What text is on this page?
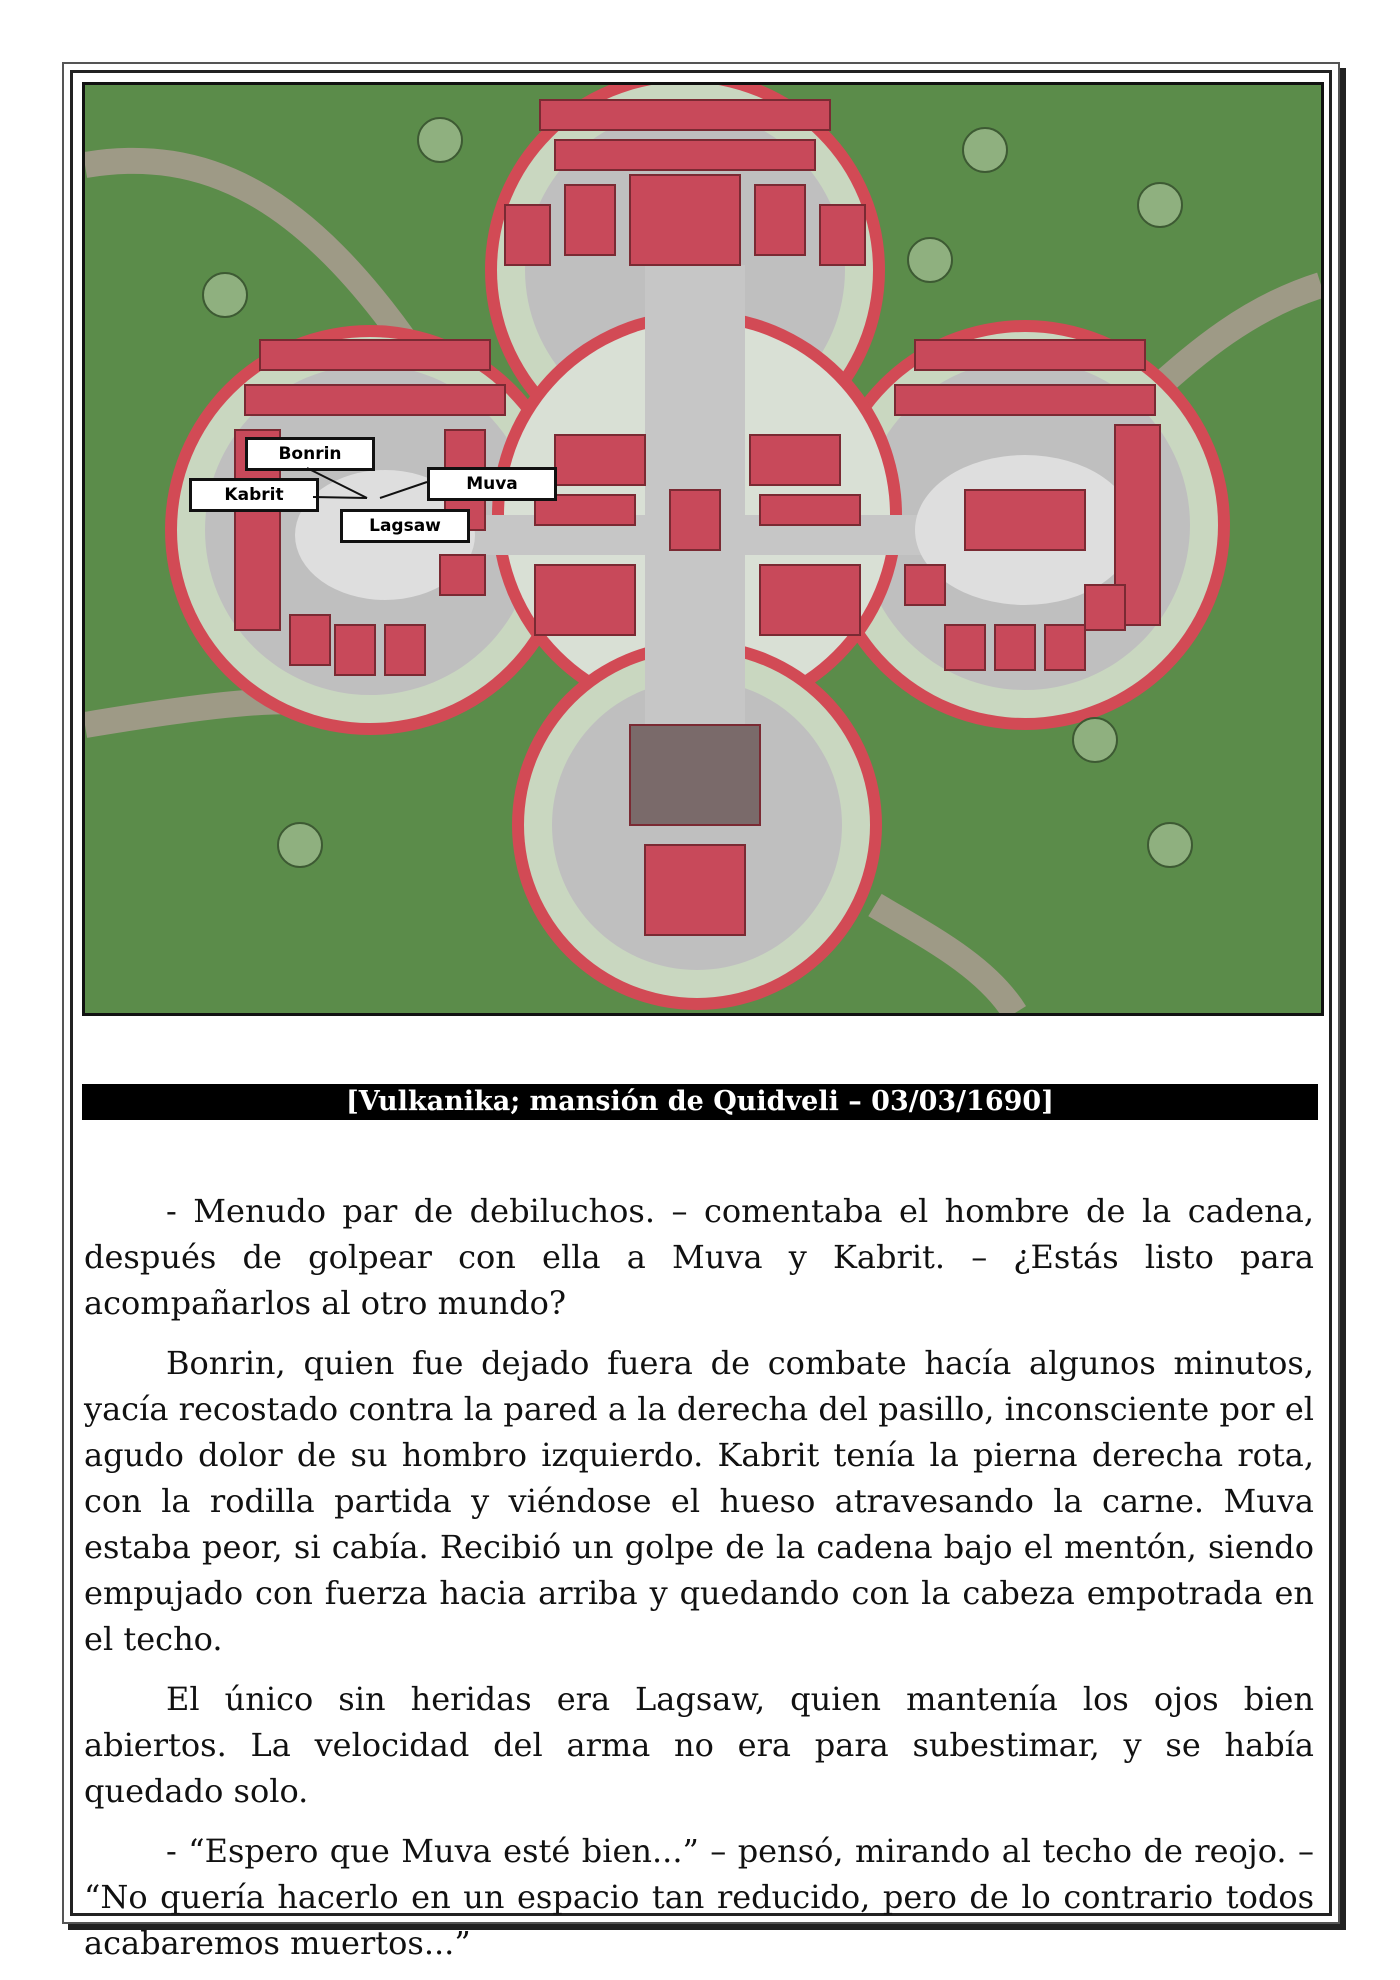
Bonrin
Kabrit
Muva
Lagsaw
[Vulkanika; mansión de Quidveli – 03/03/1690]

- Menudo par de debiluchos. – comentaba el hombre de la cadena, después de golpear con ella a Muva y Kabrit. – ¿Estás listo para acompañarlos al otro mundo?

Bonrin, quien fue dejado fuera de combate hacía algunos minutos, yacía recostado contra la pared a la derecha del pasillo, inconsciente por el agudo dolor de su hombro izquierdo. Kabrit tenía la pierna derecha rota, con la rodilla partida y viéndose el hueso atravesando la carne. Muva estaba peor, si cabía. Recibió un golpe de la cadena bajo el mentón, siendo empujado con fuerza hacia arriba y quedando con la cabeza empotrada en el techo.

El único sin heridas era Lagsaw, quien mantenía los ojos bien abiertos. La velocidad del arma no era para subestimar, y se había quedado solo.

- “Espero que Muva esté bien...” – pensó, mirando al techo de reojo. – “No quería hacerlo en un espacio tan reducido, pero de lo contrario todos acabaremos muertos...”
